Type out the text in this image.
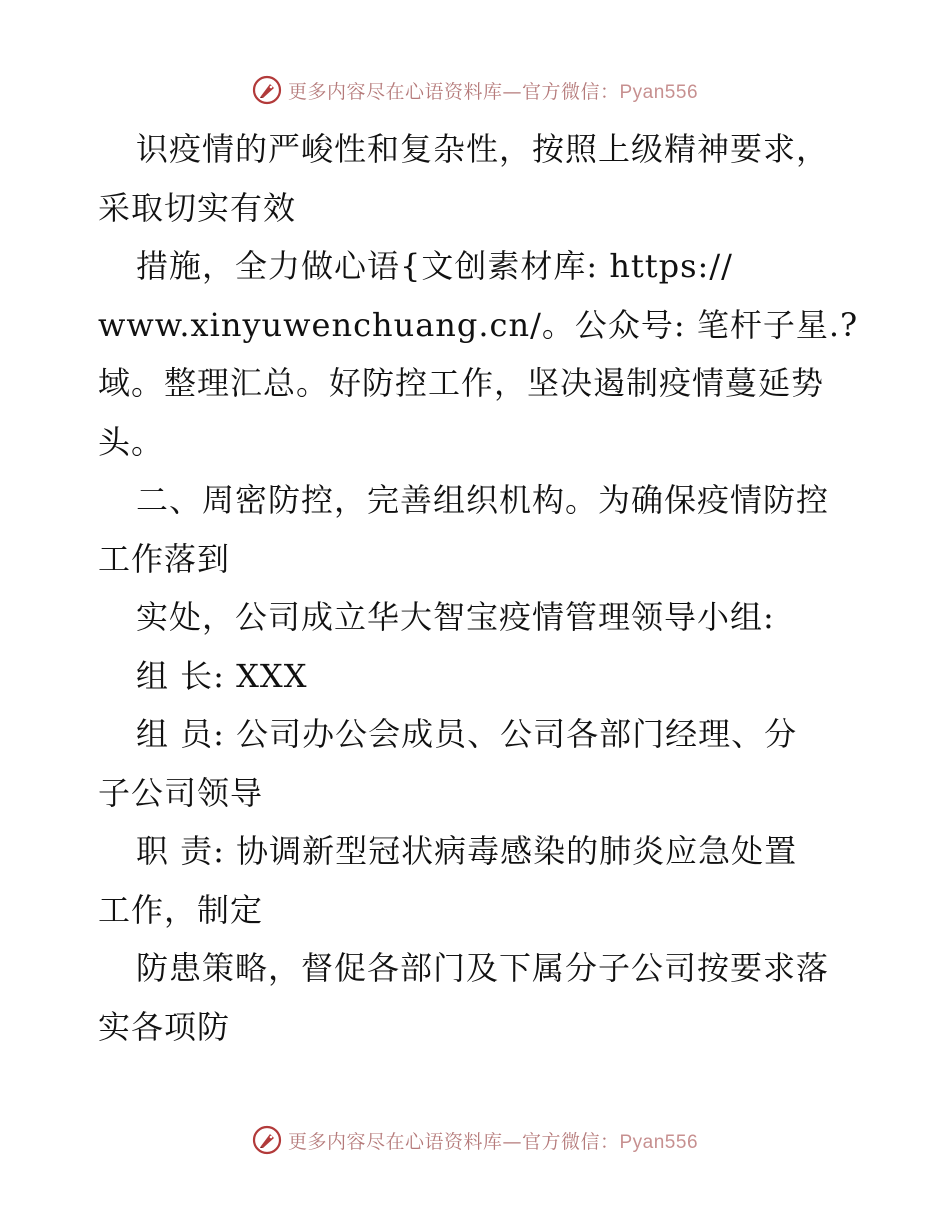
更多内容尽在心语资料库—官方微信：Pyan556
识疫情的严峻性和复杂性，按照上级精神要求，
采取切实有效
措施，全力做心语{文创素材库: https://
www.xinyuwenchuang.cn/。公众号: 笔杆子星.?
域。整理汇总。好防控工作，坚决遏制疫情蔓延势
头。
二、周密防控，完善组织机构。为确保疫情防控
工作落到
实处，公司成立华大智宝疫情管理领导小组:
组 长: XXX
组 员: 公司办公会成员、公司各部门经理、分
子公司领导
职 责: 协调新型冠状病毒感染的肺炎应急处置
工作，制定
防患策略，督促各部门及下属分子公司按要求落
实各项防
更多内容尽在心语资料库—官方微信：Pyan556
